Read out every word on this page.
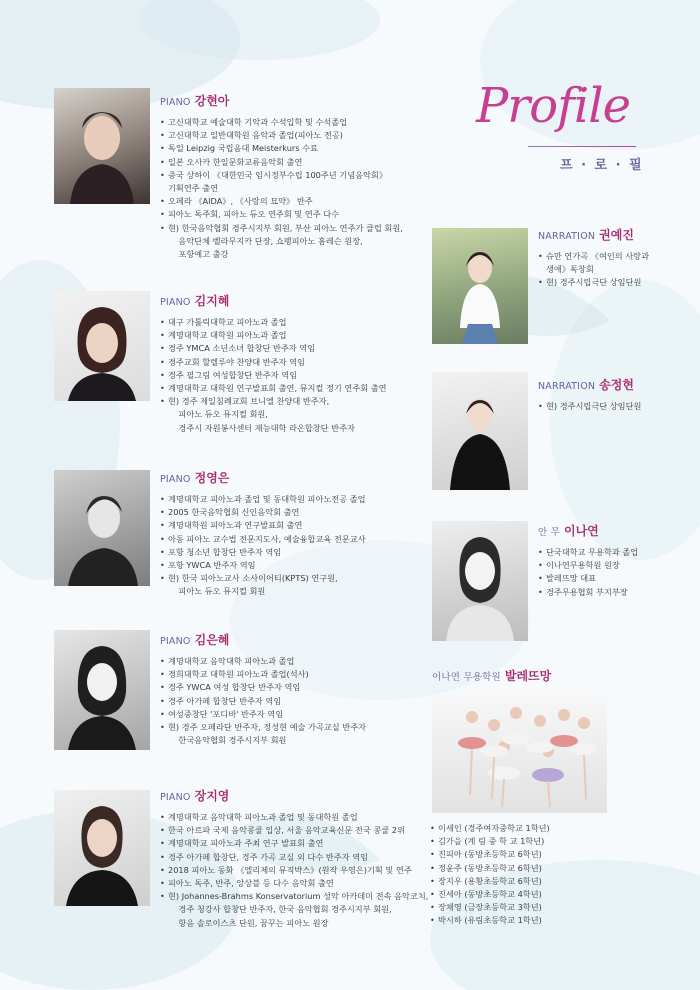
Profile
프 · 로 · 필
PIANO 강현아
• 고신대학교 예술대학 기악과 수석입학 및 수석졸업
• 고신대학교 일반대학원 음악과 졸업(피아노 전공)
• 독일 Leipzig 국립음대 Meisterkurs 수료
• 일본 오사카 한일문화교류음악회 출연
• 중국 상하이 《대한민국 임시정부수립 100주년 기념음악회》
기획연주 출연
• 오페라 《AIDA》, 《사랑의 묘약》 반주
• 피아노 독주회, 피아노 듀오 연주회 및 연주 다수
• 현) 한국음악협회 경주시지부 회원, 부산 피아노 연주가 클럽 회원,
음악단체 벨라무지카 단장, 쇼팽피아노 홈레슨 원장,
포항예고 출강
PIANO 김지혜
• 대구 가톨릭대학교 피아노과 졸업
• 계명대학교 대학원 피아노과 졸업
• 경주 YMCA 소년소녀 합창단 반주자 역임
• 경주교회 할렐루야 찬양대 반주자 역임
• 경주 필그림 여성합창단 반주자 역임
• 계명대학교 대학원 연구발표회 출연, 뮤지컬 정기 연주회 출연
• 현) 경주 제일침례교회 브니엘 찬양대 반주자,
피아노 듀오 뮤지컬 회원,
경주시 자원봉사센터 재능대학 라온합창단 반주자
PIANO 정영은
• 계명대학교 피아노과 졸업 및 동대학원 피아노전공 졸업
• 2005 한국음악협회 신인음악회 출연
• 계명대학원 피아노과 연구발표회 출연
• 아동 피아노 교수법 전문지도사, 예술융합교육 전문교사
• 포항 청소년 합창단 반주자 역임
• 포항 YWCA 반주자 역임
• 현) 한국 피아노교사 소사이어티(KPTS) 연구원,
피아노 듀오 뮤지컬 회원
PIANO 김은혜
• 계명대학교 음악대학 피아노과 졸업
• 경희대학교 대학원 피아노과 졸업(석사)
• 경주 YWCA 여성 합창단 반주자 역임
• 경주 아가페 합창단 반주자 역임
• 여성중창단 '포디바' 반주자 역임
• 현) 경주 오페라단 반주자, 정성현 예술 가곡교실 반주자
한국음악협회 경주시지부 회원
PIANO 장지영
• 계명대학교 음악대학 피아노과 졸업 및 동대학원 졸업
• 한국 아르파 국제 음악콩쿨 입상, 서울 음악교육신문 전국 콩쿨 2위
• 계명대학교 피아노과 주최 연구 발표회 출연
• 경주 아가페 합창단, 경주 가곡 교실 외 다수 반주자 역임
• 2018 피아노 동화 《엘리제의 뮤직박스》(원작 우영은)기획 및 연주
• 피아노 독주, 반주, 앙상블 등 다수 음악회 출연
• 현) Johannes-Brahms Konservatorium 성악 아카데미 전속 음악코치,
경주 청강사 합창단 반주자, 한국 음악협회 경주시지부 회원,
항음 솔로이스츠 단원, 꿈꾸는 피아노 원장
NARRATION 권예진
• 슈만 연가곡 《여인의 사랑과
생애》독창회
• 현) 경주시립극단 상임단원
NARRATION 송정현
• 현) 경주시립극단 상임단원
안 무 이나연
• 단국대학교 무용학과 졸업
• 이나연무용학원 원장
• 발레뜨망 대표
• 경주무용협회 부지부장
이나연 무용학원 발레뜨망
• 이세인 (경주여자중학교 1학년)
• 김가을 (계 림 중 학 교 1학년)
• 진피아 (동방초등학교 6학년)
• 정윤주 (동방초등학교 6학년)
• 장지우 (용황초등학교 6학년)
• 진세아 (동방초등학교 4학년)
• 장채영 (금장초등학교 3학년)
• 박시하 (유림초등학교 1학년)
